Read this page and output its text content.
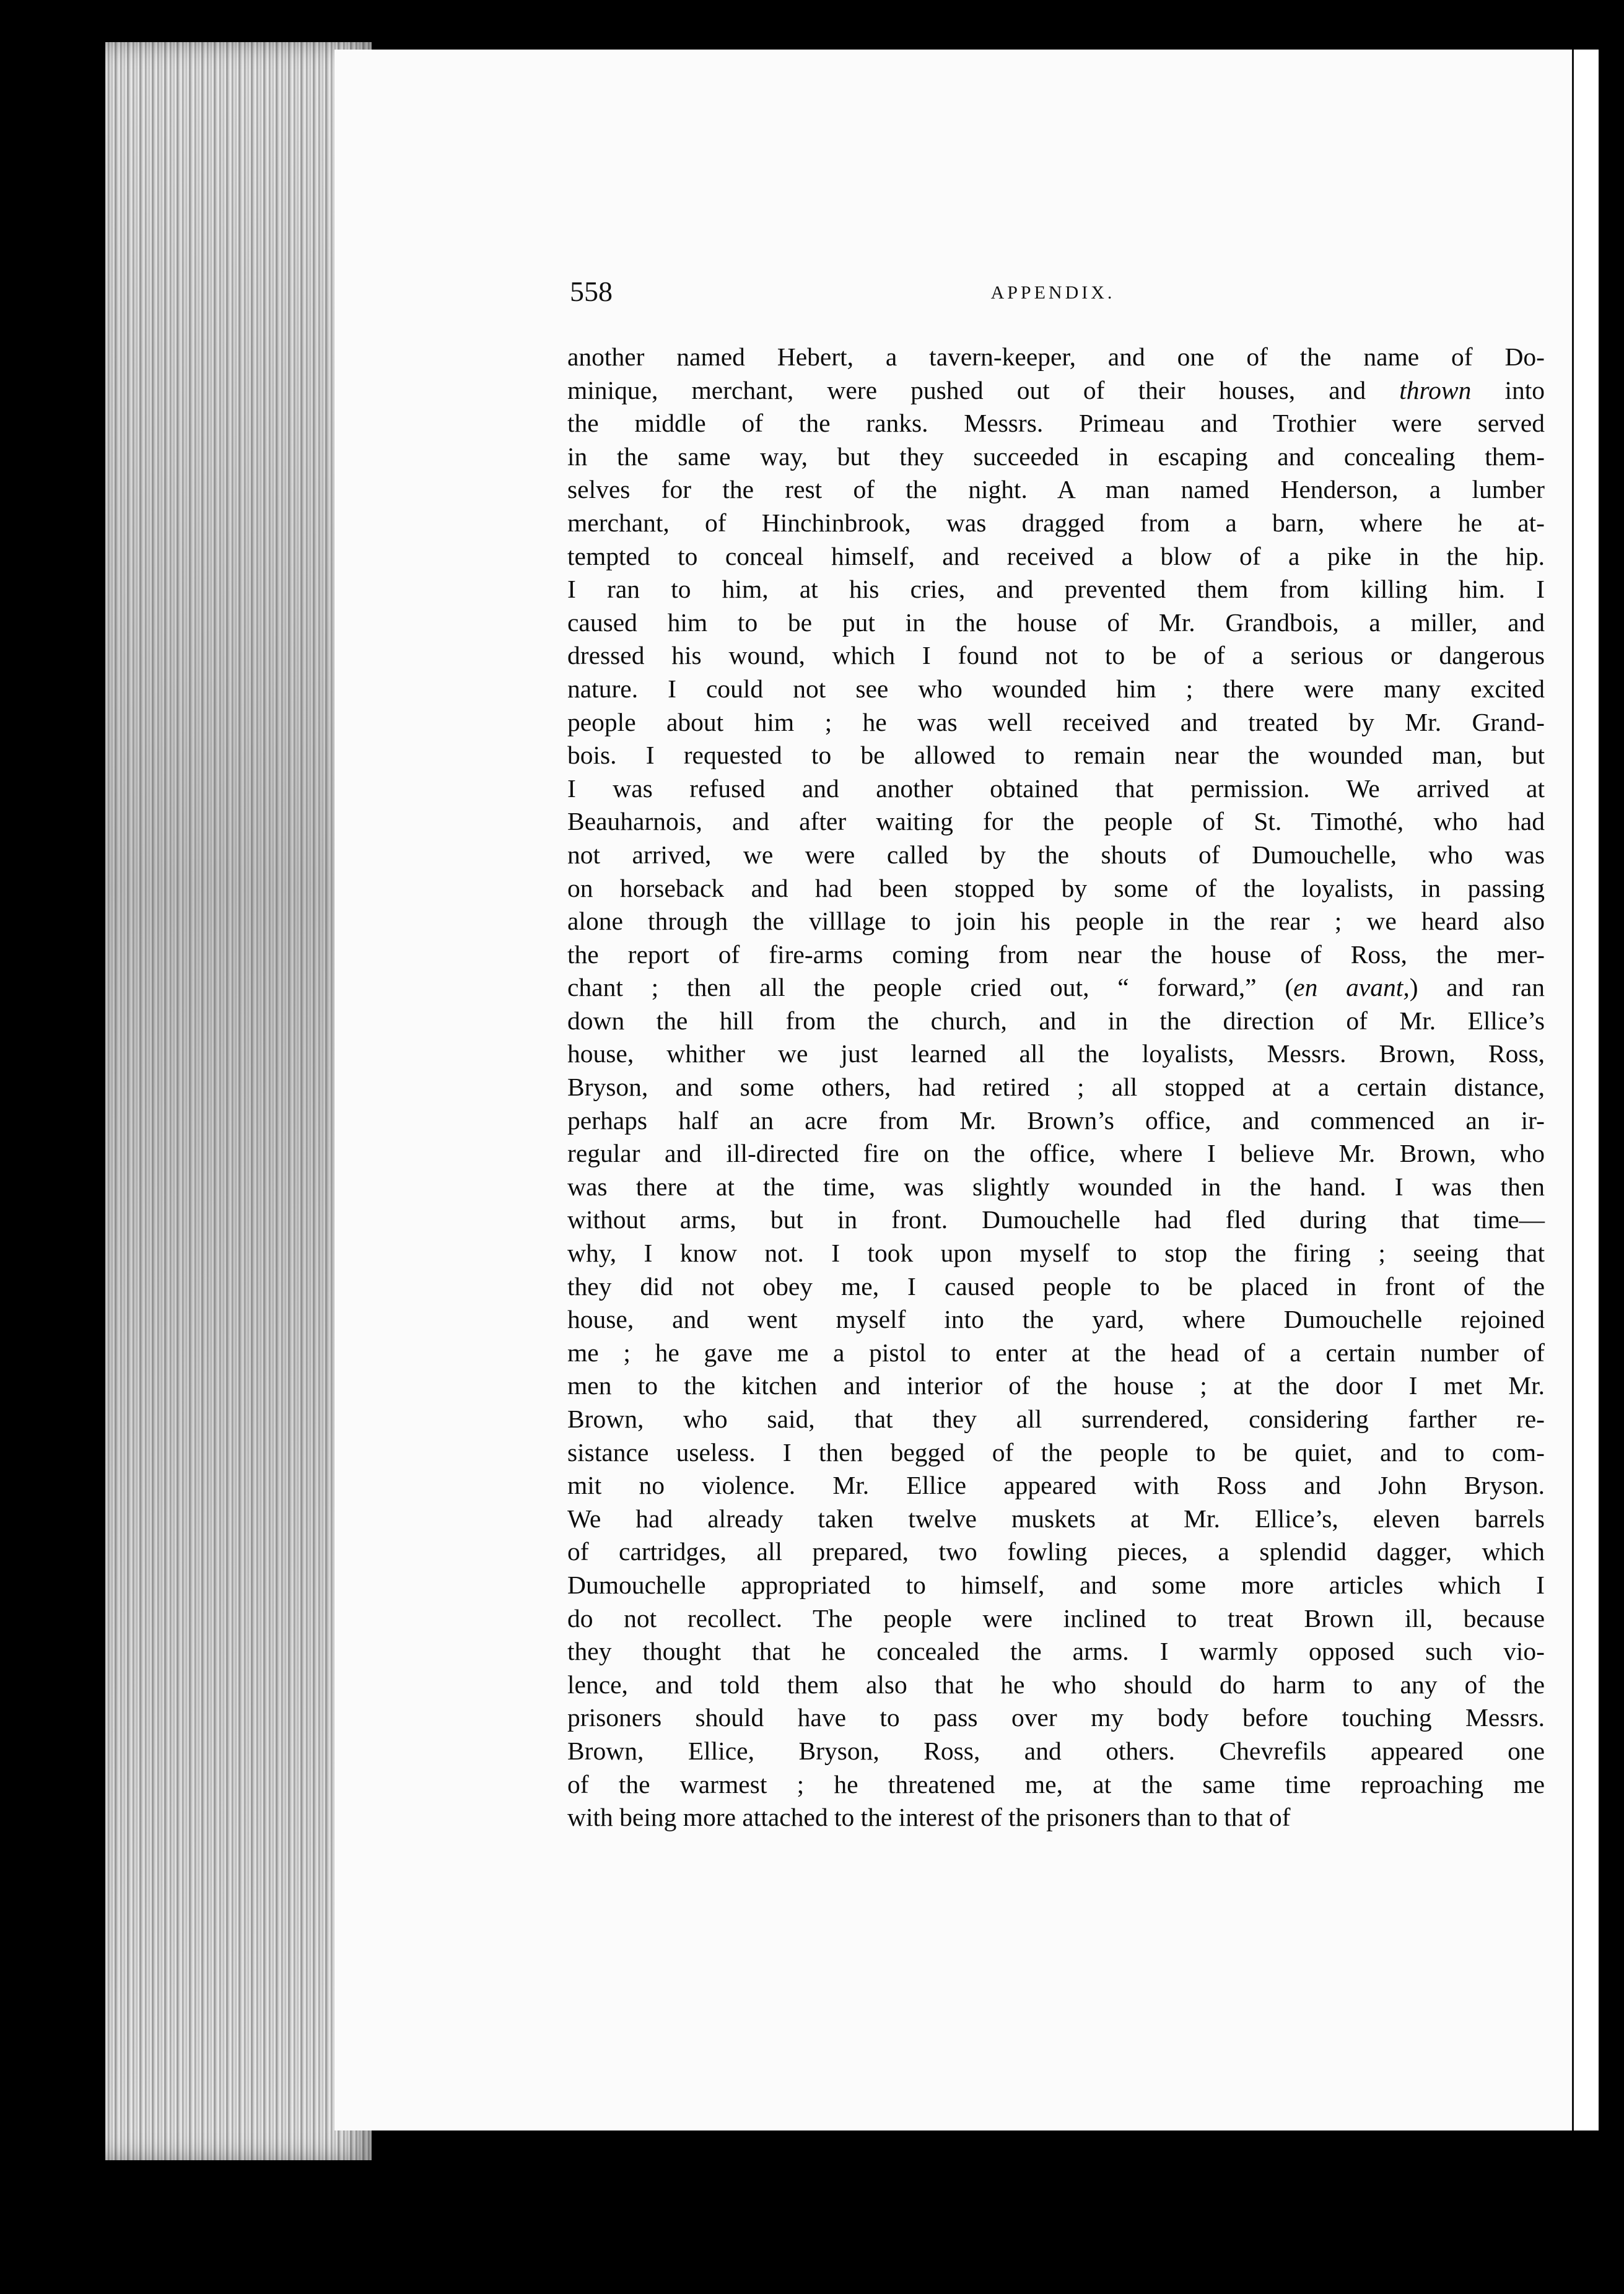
558	APPENDIX.
another named Hebert, a tavern-keeper, and one of the name of Do-
minique, merchant, were pushed out of their houses, and thrown into
the middle of the ranks. Messrs. Primeau and Trothier were served
in the same way, but they succeeded in escaping and concealing them-
selves for the rest of the night. A man named Henderson, a lumber
merchant, of Hinchinbrook, was dragged from a barn, where he at-
tempted to conceal himself, and received a blow of a pike in the hip.
I ran to him, at his cries, and prevented them from killing him. I
caused him to be put in the house of Mr. Grandbois, a miller, and
dressed his wound, which I found not to be of a serious or dangerous
nature. I could not see who wounded him ; there were many excited
people about him ; he was well received and treated by Mr. Grand-
bois. I requested to be allowed to remain near the wounded man, but
I was refused and another obtained that permission. We arrived at
Beauharnois, and after waiting for the people of St. Timothé, who had
not arrived, we were called by the shouts of Dumouchelle, who was
on horseback and had been stopped by some of the loyalists, in passing
alone through the villlage to join his people in the rear ; we heard also
the report of fire-arms coming from near the house of Ross, the mer-
chant ; then all the people cried out, “ forward,” (en avant,) and ran
down the hill from the church, and in the direction of Mr. Ellice’s
house, whither we just learned all the loyalists, Messrs. Brown, Ross,
Bryson, and some others, had retired ; all stopped at a certain distance,
perhaps half an acre from Mr. Brown’s office, and commenced an ir-
regular and ill-directed fire on the office, where I believe Mr. Brown, who
was there at the time, was slightly wounded in the hand. I was then
without arms, but in front. Dumouchelle had fled during that time—
why, I know not. I took upon myself to stop the firing ; seeing that
they did not obey me, I caused people to be placed in front of the
house, and went myself into the yard, where Dumouchelle rejoined
me ; he gave me a pistol to enter at the head of a certain number of
men to the kitchen and interior of the house ; at the door I met Mr.
Brown, who said, that they all surrendered, considering farther re-
sistance useless. I then begged of the people to be quiet, and to com-
mit no violence. Mr. Ellice appeared with Ross and John Bryson.
We had already taken twelve muskets at Mr. Ellice’s, eleven barrels
of cartridges, all prepared, two fowling pieces, a splendid dagger, which
Dumouchelle appropriated to himself, and some more articles which I
do not recollect. The people were inclined to treat Brown ill, because
they thought that he concealed the arms. I warmly opposed such vio-
lence, and told them also that he who should do harm to any of the
prisoners should have to pass over my body before touching Messrs.
Brown, Ellice, Bryson, Ross, and others. Chevrefils appeared one
of the warmest ; he threatened me, at the same time reproaching me
with being more attached to the interest of the prisoners than to that of
